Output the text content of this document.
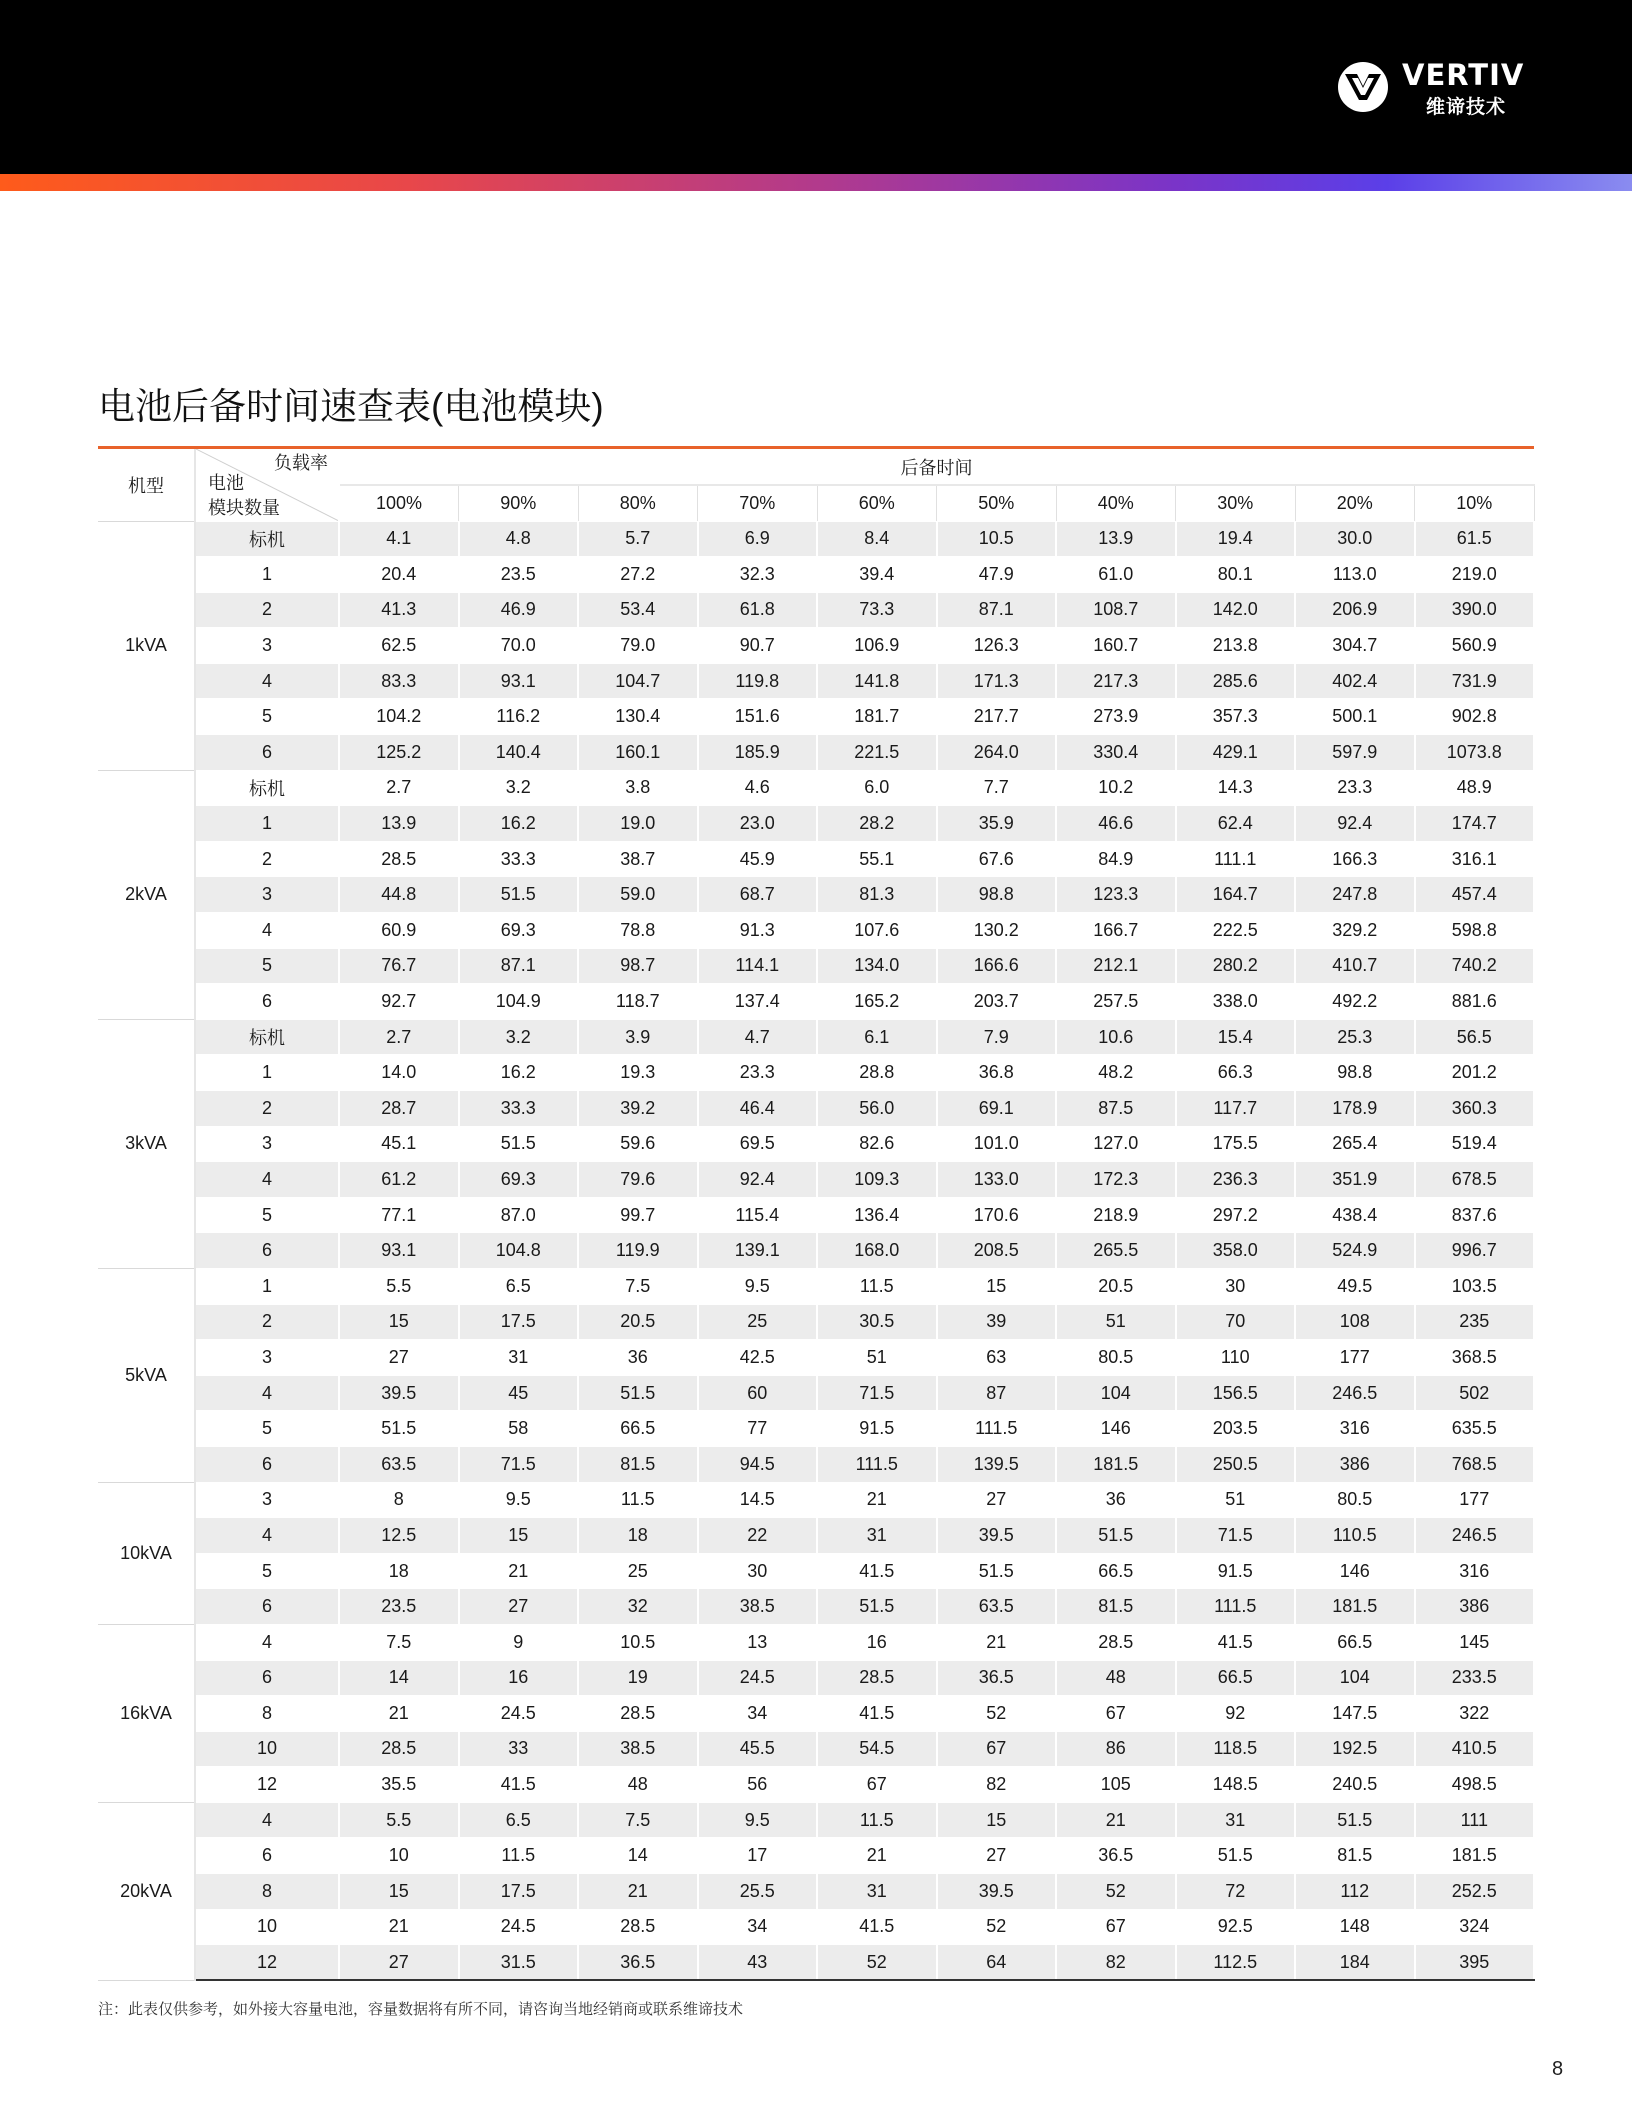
VERTIV
维谛技术
电池后备时间速查表(电池模块)
机型	负载率
电池
模块数量	后备时间									
		100%	90%	80%	70%	60%	50%	40%	30%	20%	10%
1kVA	标机	4.1	4.8	5.7	6.9	8.4	10.5	13.9	19.4	30.0	61.5
	1	20.4	23.5	27.2	32.3	39.4	47.9	61.0	80.1	113.0	219.0
	2	41.3	46.9	53.4	61.8	73.3	87.1	108.7	142.0	206.9	390.0
	3	62.5	70.0	79.0	90.7	106.9	126.3	160.7	213.8	304.7	560.9
	4	83.3	93.1	104.7	119.8	141.8	171.3	217.3	285.6	402.4	731.9
	5	104.2	116.2	130.4	151.6	181.7	217.7	273.9	357.3	500.1	902.8
	6	125.2	140.4	160.1	185.9	221.5	264.0	330.4	429.1	597.9	1073.8
2kVA	标机	2.7	3.2	3.8	4.6	6.0	7.7	10.2	14.3	23.3	48.9
	1	13.9	16.2	19.0	23.0	28.2	35.9	46.6	62.4	92.4	174.7
	2	28.5	33.3	38.7	45.9	55.1	67.6	84.9	111.1	166.3	316.1
	3	44.8	51.5	59.0	68.7	81.3	98.8	123.3	164.7	247.8	457.4
	4	60.9	69.3	78.8	91.3	107.6	130.2	166.7	222.5	329.2	598.8
	5	76.7	87.1	98.7	114.1	134.0	166.6	212.1	280.2	410.7	740.2
	6	92.7	104.9	118.7	137.4	165.2	203.7	257.5	338.0	492.2	881.6
3kVA	标机	2.7	3.2	3.9	4.7	6.1	7.9	10.6	15.4	25.3	56.5
	1	14.0	16.2	19.3	23.3	28.8	36.8	48.2	66.3	98.8	201.2
	2	28.7	33.3	39.2	46.4	56.0	69.1	87.5	117.7	178.9	360.3
	3	45.1	51.5	59.6	69.5	82.6	101.0	127.0	175.5	265.4	519.4
	4	61.2	69.3	79.6	92.4	109.3	133.0	172.3	236.3	351.9	678.5
	5	77.1	87.0	99.7	115.4	136.4	170.6	218.9	297.2	438.4	837.6
	6	93.1	104.8	119.9	139.1	168.0	208.5	265.5	358.0	524.9	996.7
5kVA	1	5.5	6.5	7.5	9.5	11.5	15	20.5	30	49.5	103.5
	2	15	17.5	20.5	25	30.5	39	51	70	108	235
	3	27	31	36	42.5	51	63	80.5	110	177	368.5
	4	39.5	45	51.5	60	71.5	87	104	156.5	246.5	502
	5	51.5	58	66.5	77	91.5	111.5	146	203.5	316	635.5
	6	63.5	71.5	81.5	94.5	111.5	139.5	181.5	250.5	386	768.5
10kVA	3	8	9.5	11.5	14.5	21	27	36	51	80.5	177
	4	12.5	15	18	22	31	39.5	51.5	71.5	110.5	246.5
	5	18	21	25	30	41.5	51.5	66.5	91.5	146	316
	6	23.5	27	32	38.5	51.5	63.5	81.5	111.5	181.5	386
16kVA	4	7.5	9	10.5	13	16	21	28.5	41.5	66.5	145
	6	14	16	19	24.5	28.5	36.5	48	66.5	104	233.5
	8	21	24.5	28.5	34	41.5	52	67	92	147.5	322
	10	28.5	33	38.5	45.5	54.5	67	86	118.5	192.5	410.5
	12	35.5	41.5	48	56	67	82	105	148.5	240.5	498.5
20kVA	4	5.5	6.5	7.5	9.5	11.5	15	21	31	51.5	111
	6	10	11.5	14	17	21	27	36.5	51.5	81.5	181.5
	8	15	17.5	21	25.5	31	39.5	52	72	112	252.5
	10	21	24.5	28.5	34	41.5	52	67	92.5	148	324
	12	27	31.5	36.5	43	52	64	82	112.5	184	395
注：此表仅供参考，如外接大容量电池，容量数据将有所不同，请咨询当地经销商或联系维谛技术
8
